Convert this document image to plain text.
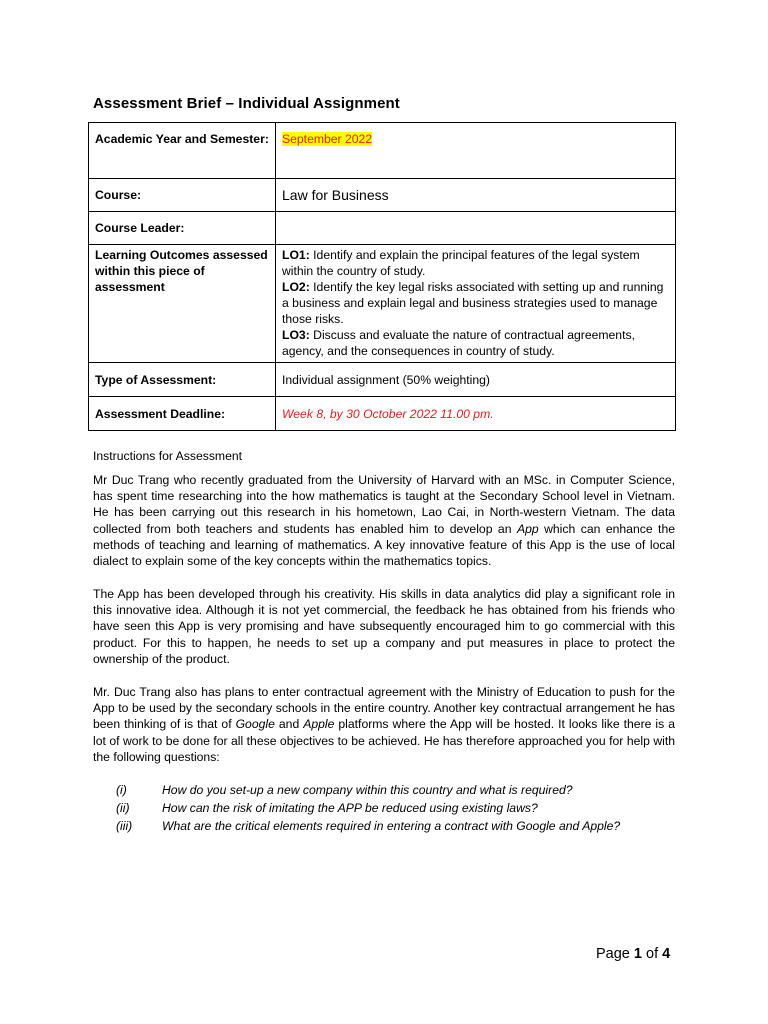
Assessment Brief – Individual Assignment
Academic Year and Semester:	September 2022
Course:	Law for Business
Course Leader:	
Learning Outcomes assessed within this piece of assessment	LO1: Identify and explain the principal features of the legal system within the country of study.
LO2: Identify the key legal risks associated with setting up and running a business and explain legal and business strategies used to manage those risks.
LO3: Discuss and evaluate the nature of contractual agreements, agency, and the consequences in country of study.

Type of Assessment:	Individual assignment (50% weighting)
Assessment Deadline:	Week 8, by 30 October 2022 11.00 pm.
Instructions for Assessment
Mr Duc Trang who recently graduated from the University of Harvard with an MSc. in Computer Science, has spent time researching into the how mathematics is taught at the Secondary School level in Vietnam. He has been carrying out this research in his hometown, Lao Cai, in North-western Vietnam. The data collected from both teachers and students has enabled him to develop an App which can enhance the methods of teaching and learning of mathematics. A key innovative feature of this App is the use of local dialect to explain some of the key concepts within the mathematics topics.
The App has been developed through his creativity. His skills in data analytics did play a significant role in this innovative idea. Although it is not yet commercial, the feedback he has obtained from his friends who have seen this App is very promising and have subsequently encouraged him to go commercial with this product. For this to happen, he needs to set up a company and put measures in place to protect the ownership of the product.
Mr. Duc Trang also has plans to enter contractual agreement with the Ministry of Education to push for the App to be used by the secondary schools in the entire country. Another key contractual arrangement he has been thinking of is that of Google and Apple platforms where the App will be hosted. It looks like there is a lot of work to be done for all these objectives to be achieved. He has therefore approached you for help with the following questions:
(i)	How do you set-up a new company within this country and what is required?
(ii)	How can the risk of imitating the APP be reduced using existing laws?
(iii)	What are the critical elements required in entering a contract with Google and Apple?
Page 1 of 4
